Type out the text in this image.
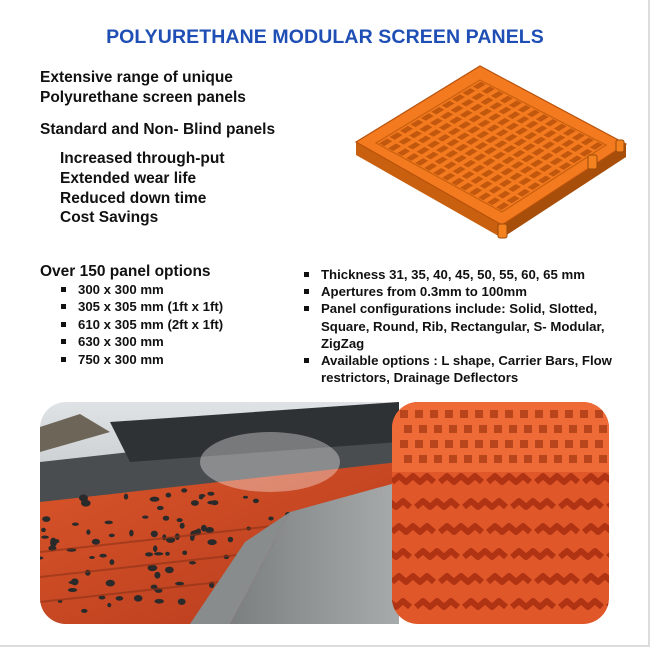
POLYURETHANE MODULAR SCREEN PANELS
Extensive range of unique
Polyurethane screen panels
Standard and Non- Blind panels
Increased through-put
Extended wear life
Reduced down time
Cost Savings
Over 150 panel options
300 x 300 mm
305 x 305 mm (1ft x 1ft)
610 x 305 mm (2ft x 1ft)
630 x 300 mm
750 x 300 mm
Thickness 31, 35, 40, 45, 50, 55, 60, 65 mm
Apertures from 0.3mm to 100mm
Panel configurations include: Solid, Slotted, Square, Round, Rib, Rectangular, S- Modular, ZigZag
Available options : L shape, Carrier Bars, Flow restrictors, Drainage Deflectors
